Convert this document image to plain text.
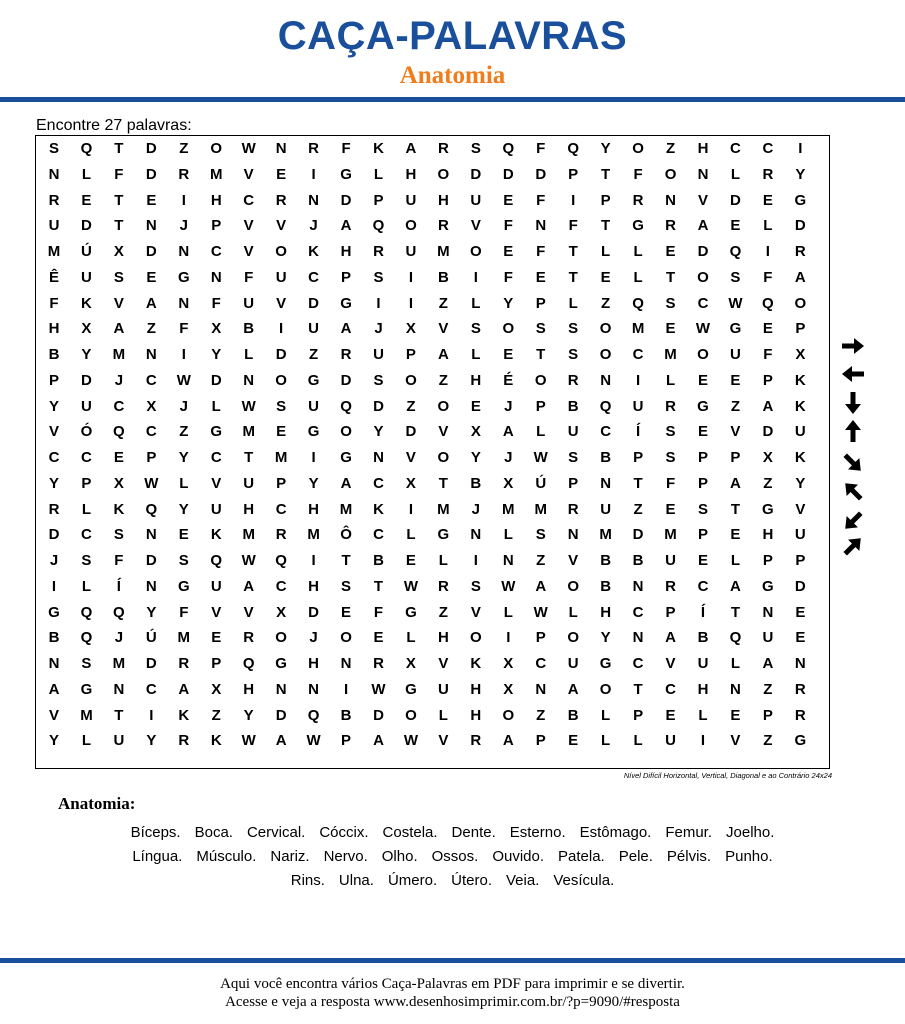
CAÇA-PALAVRAS
Anatomia
Encontre 27 palavras:
S	Q	T	D	Z	O	W	N	R	F	K	A	R	S	Q	F	Q	Y	O	Z	H	C	C	I
N	L	F	D	R	M	V	E	I	G	L	H	O	D	D	D	P	T	F	O	N	L	R	Y
R	E	T	E	I	H	C	R	N	D	P	U	H	U	E	F	I	P	R	N	V	D	E	G
U	D	T	N	J	P	V	V	J	A	Q	O	R	V	F	N	F	T	G	R	A	E	L	D
M	Ú	X	D	N	C	V	O	K	H	R	U	M	O	E	F	T	L	L	E	D	Q	I	R
Ê	U	S	E	G	N	F	U	C	P	S	I	B	I	F	E	T	E	L	T	O	S	F	A
F	K	V	A	N	F	U	V	D	G	I	I	Z	L	Y	P	L	Z	Q	S	C	W	Q	O
H	X	A	Z	F	X	B	I	U	A	J	X	V	S	O	S	S	O	M	E	W	G	E	P
B	Y	M	N	I	Y	L	D	Z	R	U	P	A	L	E	T	S	O	C	M	O	U	F	X
P	D	J	C	W	D	N	O	G	D	S	O	Z	H	É	O	R	N	I	L	E	E	P	K
Y	U	C	X	J	L	W	S	U	Q	D	Z	O	E	J	P	B	Q	U	R	G	Z	A	K
V	Ó	Q	C	Z	G	M	E	G	O	Y	D	V	X	A	L	U	C	Í	S	E	V	D	U
C	C	E	P	Y	C	T	M	I	G	N	V	O	Y	J	W	S	B	P	S	P	P	X	K
Y	P	X	W	L	V	U	P	Y	A	C	X	T	B	X	Ú	P	N	T	F	P	A	Z	Y
R	L	K	Q	Y	U	H	C	H	M	K	I	M	J	M	M	R	U	Z	E	S	T	G	V
D	C	S	N	E	K	M	R	M	Ô	C	L	G	N	L	S	N	M	D	M	P	E	H	U
J	S	F	D	S	Q	W	Q	I	T	B	E	L	I	N	Z	V	B	B	U	E	L	P	P
I	L	Í	N	G	U	A	C	H	S	T	W	R	S	W	A	O	B	N	R	C	A	G	D
G	Q	Q	Y	F	V	V	X	D	E	F	G	Z	V	L	W	L	H	C	P	Í	T	N	E
B	Q	J	Ú	M	E	R	O	J	O	E	L	H	O	I	P	O	Y	N	A	B	Q	U	E
N	S	M	D	R	P	Q	G	H	N	R	X	V	K	X	C	U	G	C	V	U	L	A	N
A	G	N	C	A	X	H	N	N	I	W	G	U	H	X	N	A	O	T	C	H	N	Z	R
V	M	T	I	K	Z	Y	D	Q	B	D	O	L	H	O	Z	B	L	P	E	L	E	P	R
Y	L	U	Y	R	K	W	A	W	P	A	W	V	R	A	P	E	L	L	U	I	V	Z	G
Nível Difícil Horizontal, Vertical, Diagonal e ao Contrário 24x24
Anatomia:
Bíceps. Boca. Cervical. Cóccix. Costela. Dente. Esterno. Estômago. Femur. Joelho.
Língua. Músculo. Nariz. Nervo. Olho. Ossos. Ouvido. Patela. Pele. Pélvis. Punho.
Rins. Ulna. Úmero. Útero. Veia. Vesícula.
Aqui você encontra vários Caça-Palavras em PDF para imprimir e se divertir.
Acesse e veja a resposta www.desenhosimprimir.com.br/?p=9090/#resposta
